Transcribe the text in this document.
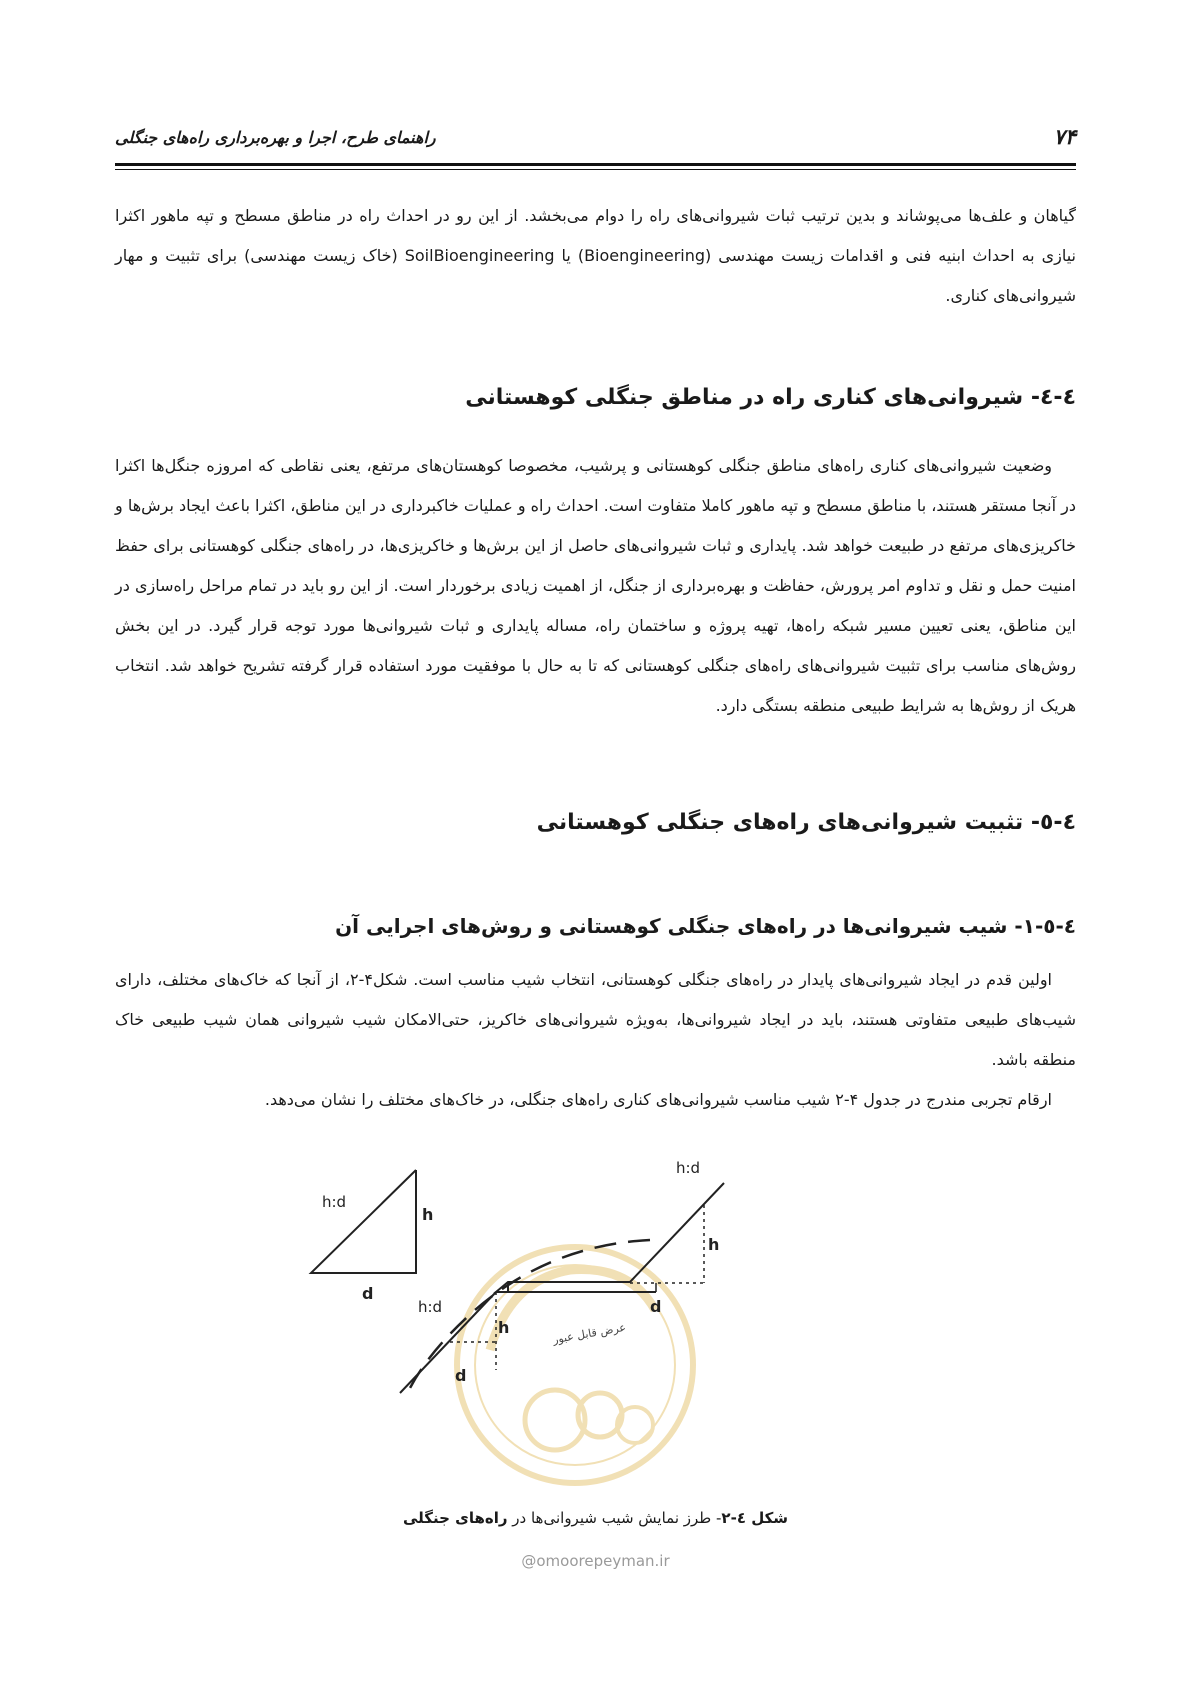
راهنمای طرح، اجرا و بهره‌برداری راه‌های جنگلی	۷۴

گیاهان و علف‌ها می‌پوشاند و بدین ترتیب ثبات شیروانی‌های راه را دوام می‌بخشد. از این رو در احداث راه در مناطق مسطح و تپه ماهور اکثرا نیازی به احداث ابنیه فنی و اقدامات زیست مهندسی (Bioengineering) یا SoilBioengineering (خاک زیست مهندسی) برای تثبیت و مهار شیروانی‌های کناری.

٤-٤- شیروانی‌های کناری راه در مناطق جنگلی کوهستانی

وضعیت شیروانی‌های کناری راه‌های مناطق جنگلی کوهستانی و پرشیب، مخصوصا کوهستان‌های مرتفع، یعنی نقاطی که امروزه جنگل‌ها اکثرا در آنجا مستقر هستند، با مناطق مسطح و تپه ماهور کاملا متفاوت است. احداث راه و عملیات خاکبرداری در این مناطق، اکثرا باعث ایجاد برش‌ها و خاکریزی‌های مرتفع در طبیعت خواهد شد. پایداری و ثبات شیروانی‌های حاصل از این برش‌ها و خاکریزی‌ها، در راه‌های جنگلی کوهستانی برای حفظ امنیت حمل و نقل و تداوم امر پرورش، حفاظت و بهره‌برداری از جنگل، از اهمیت زیادی برخوردار است. از این رو باید در تمام مراحل راه‌سازی در این مناطق، یعنی تعیین مسیر شبکه راه‌ها، تهیه پروژه و ساختمان راه، مساله پایداری و ثبات شیروانی‌ها مورد توجه قرار گیرد. در این بخش روش‌های مناسب برای تثبیت شیروانی‌های راه‌های جنگلی کوهستانی که تا به حال با موفقیت مورد استفاده قرار گرفته تشریح خواهد شد. انتخاب هریک از روش‌ها به شرایط طبیعی منطقه بستگی دارد.

٤-٥- تثبیت شیروانی‌های راه‌های جنگلی کوهستانی
٤-٥-١- شیب شیروانی‌ها در راه‌های جنگلی کوهستانی و روش‌های اجرایی آن

اولین قدم در ایجاد شیروانی‌های پایدار در راه‌های جنگلی کوهستانی، انتخاب شیب مناسب است. شکل۴-۲، از آنجا که خاک‌های مختلف، دارای شیب‌های طبیعی متفاوتی هستند، باید در ایجاد شیروانی‌ها، به‌ویژه شیروانی‌های خاکریز، حتی‌الامکان شیب شیروانی همان شیب طبیعی خاک منطقه باشد.

ارقام تجربی مندرج در جدول ۴-۲ شیب مناسب شیروانی‌های کناری راه‌های جنگلی، در خاک‌های مختلف را نشان می‌دهد.

h:d
h
d
h:d
h
d
h:d
h
d
عرض قابل عبور
شکل ٤-۲- طرز نمایش شیب شیروانی‌ها در راه‌های جنگلی
@omoorepeyman.ir
